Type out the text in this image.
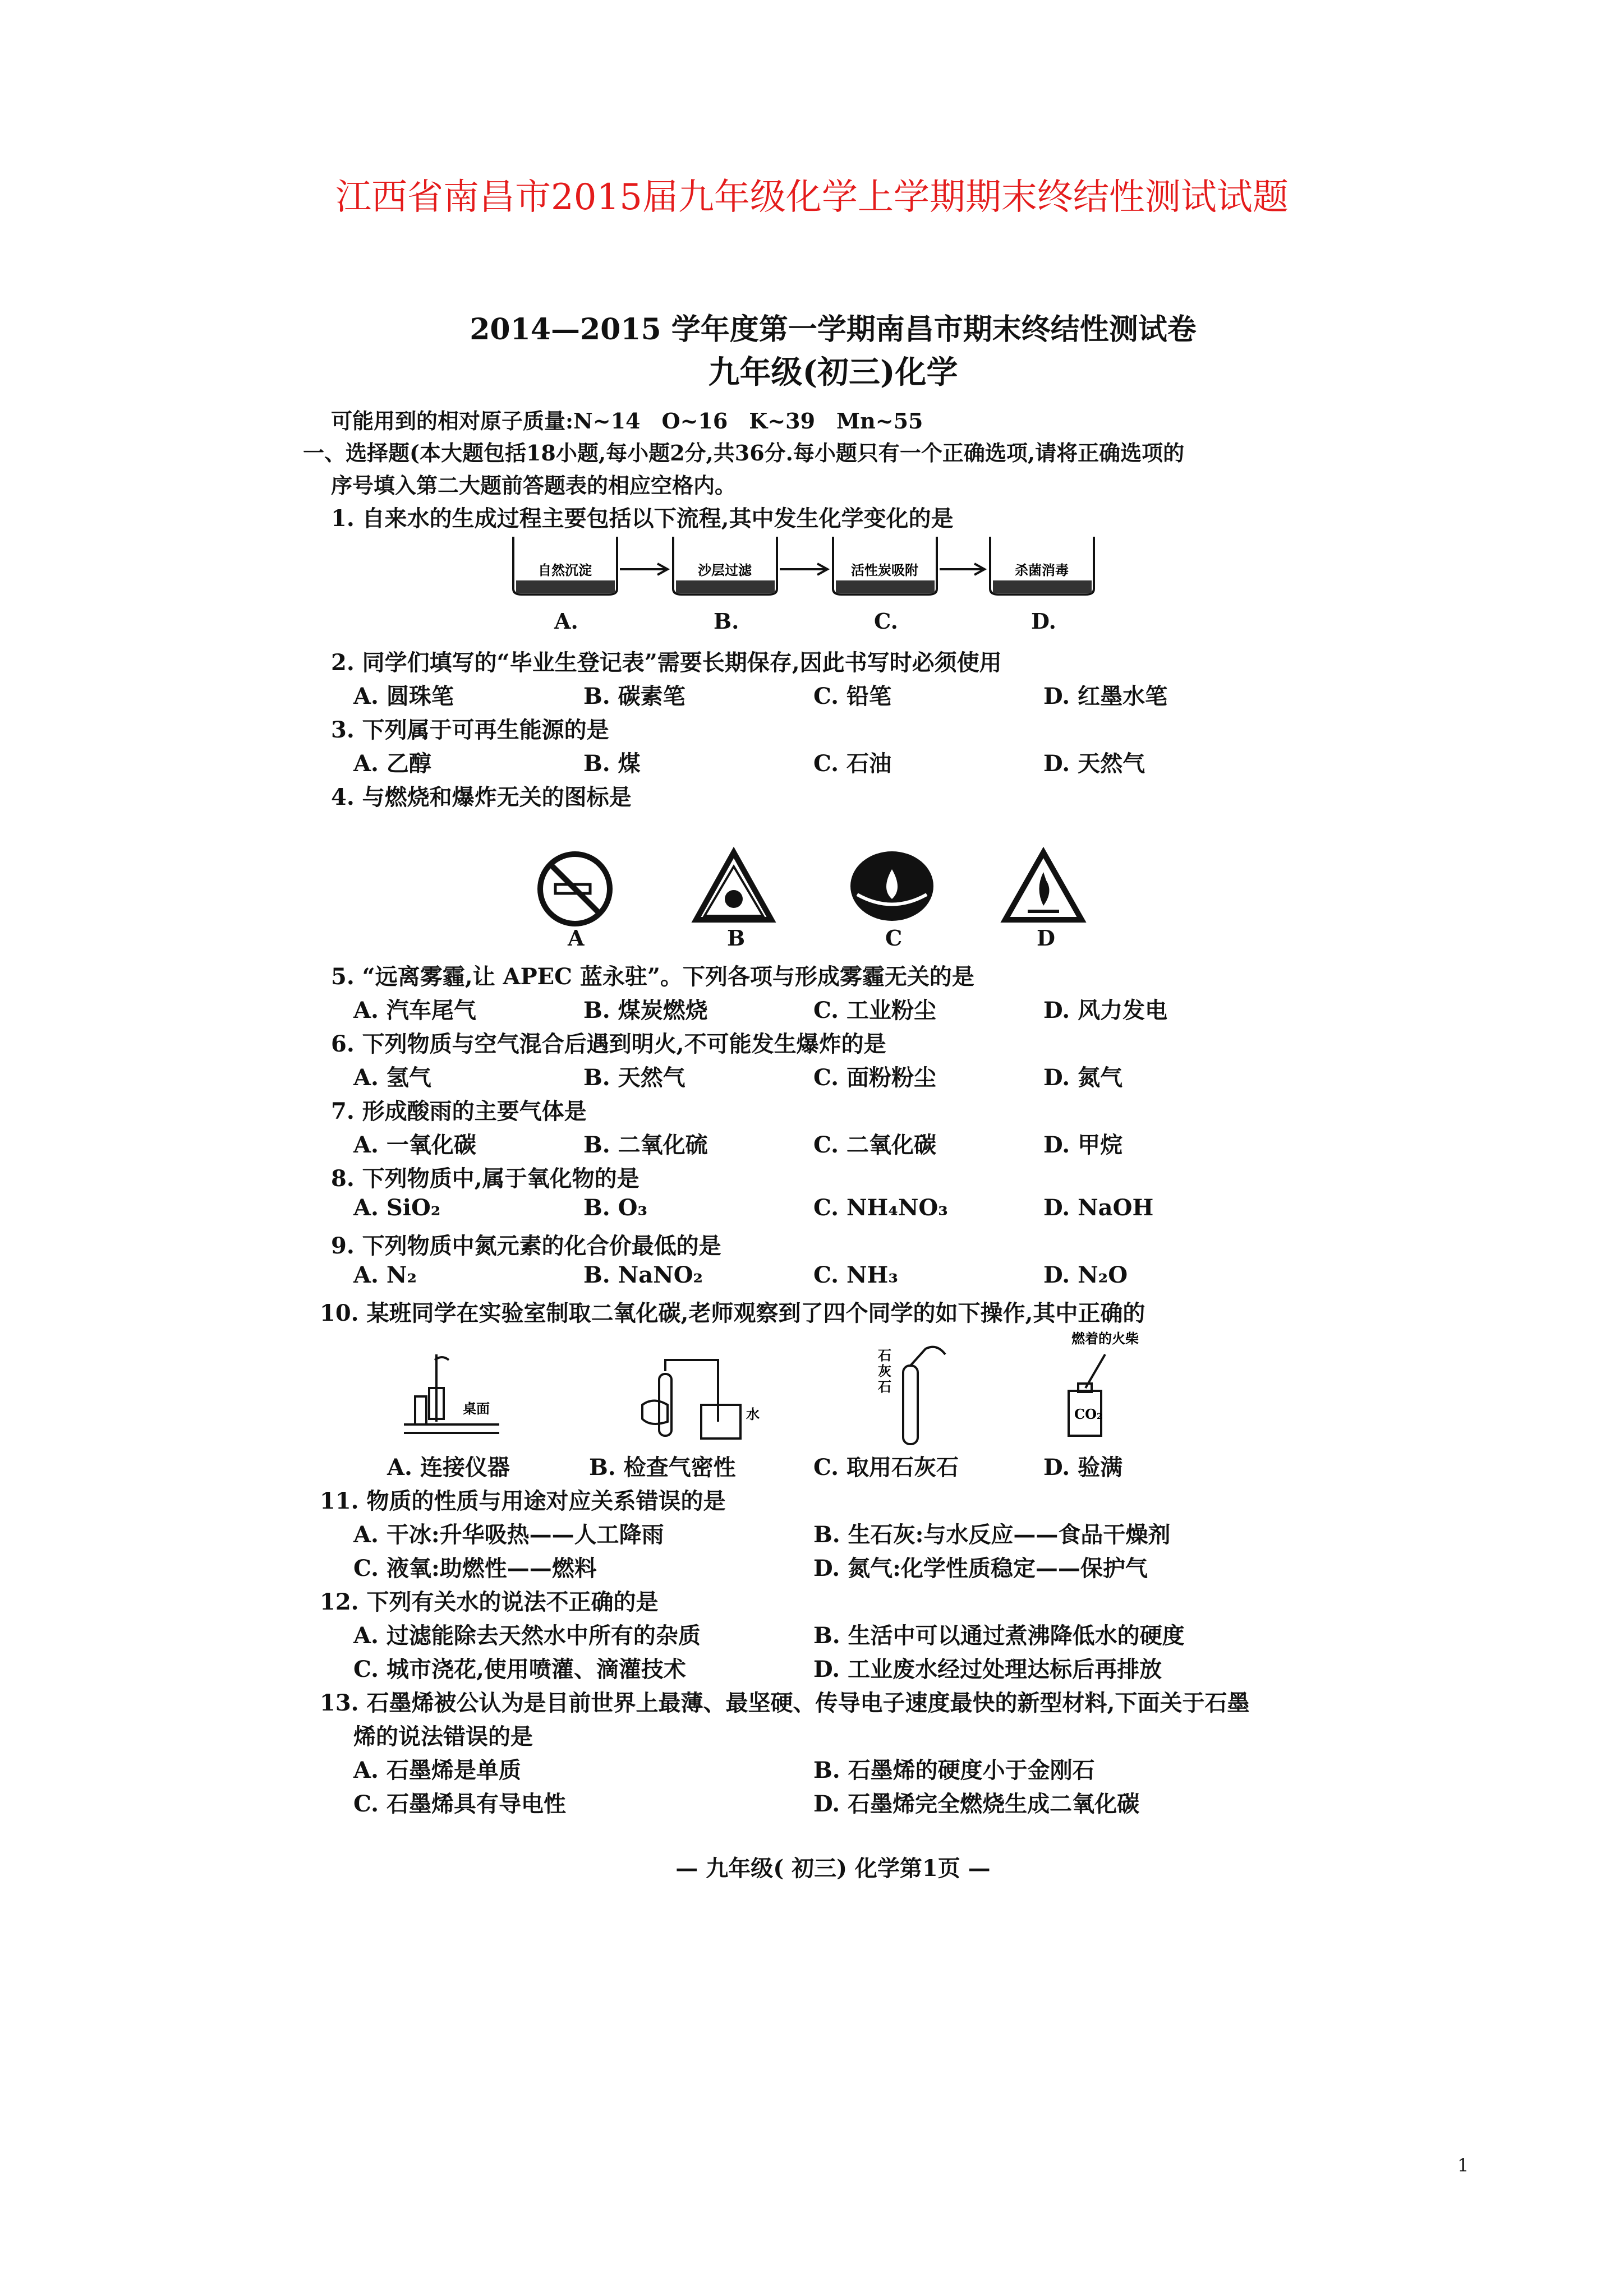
江西省南昌市2015届九年级化学上学期期末终结性测试试题
2014—2015 学年度第一学期南昌市期末终结性测试卷
九年级(初三)化学
可能用到的相对原子质量:N~14　O~16　K~39　Mn~55
一、选择题(本大题包括18小题,每小题2分,共36分.每小题只有一个正确选项,请将正确选项的
序号填入第二大题前答题表的相应空格内。
1. 自来水的生成过程主要包括以下流程,其中发生化学变化的是
自然沉淀	沙层过滤	活性炭吸附	杀菌消毒
桌面	水
石
灰
石
燃着的火柴
CO₂
A.	B.	C.	D.
2. 同学们填写的“毕业生登记表”需要长期保存,因此书写时必须使用
A. 圆珠笔	B. 碳素笔	C. 铅笔	D. 红墨水笔
3. 下列属于可再生能源的是
A. 乙醇	B. 煤	C. 石油	D. 天然气
4. 与燃烧和爆炸无关的图标是
A	B	C	D
5. “远离雾霾,让 APEC 蓝永驻”。下列各项与形成雾霾无关的是
A. 汽车尾气	B. 煤炭燃烧	C. 工业粉尘	D. 风力发电
6. 下列物质与空气混合后遇到明火,不可能发生爆炸的是
A. 氢气	B. 天然气	C. 面粉粉尘	D. 氮气
7. 形成酸雨的主要气体是
A. 一氧化碳	B. 二氧化硫	C. 二氧化碳	D. 甲烷
8. 下列物质中,属于氧化物的是
A. SiO₂	B. O₃	C. NH₄NO₃	D. NaOH
9. 下列物质中氮元素的化合价最低的是
A. N₂	B. NaNO₂	C. NH₃	D. N₂O
10. 某班同学在实验室制取二氧化碳,老师观察到了四个同学的如下操作,其中正确的
A. 连接仪器	B. 检查气密性	C. 取用石灰石	D. 验满
11. 物质的性质与用途对应关系错误的是
A. 干冰:升华吸热——人工降雨	B. 生石灰:与水反应——食品干燥剂
C. 液氧:助燃性——燃料	D. 氮气:化学性质稳定——保护气
12. 下列有关水的说法不正确的是
A. 过滤能除去天然水中所有的杂质	B. 生活中可以通过煮沸降低水的硬度
C. 城市浇花,使用喷灌、滴灌技术	D. 工业废水经过处理达标后再排放
13. 石墨烯被公认为是目前世界上最薄、最坚硬、传导电子速度最快的新型材料,下面关于石墨
烯的说法错误的是
A. 石墨烯是单质	B. 石墨烯的硬度小于金刚石
C. 石墨烯具有导电性	D. 石墨烯完全燃烧生成二氧化碳
— 九年级( 初三) 化学第1页 —
1
